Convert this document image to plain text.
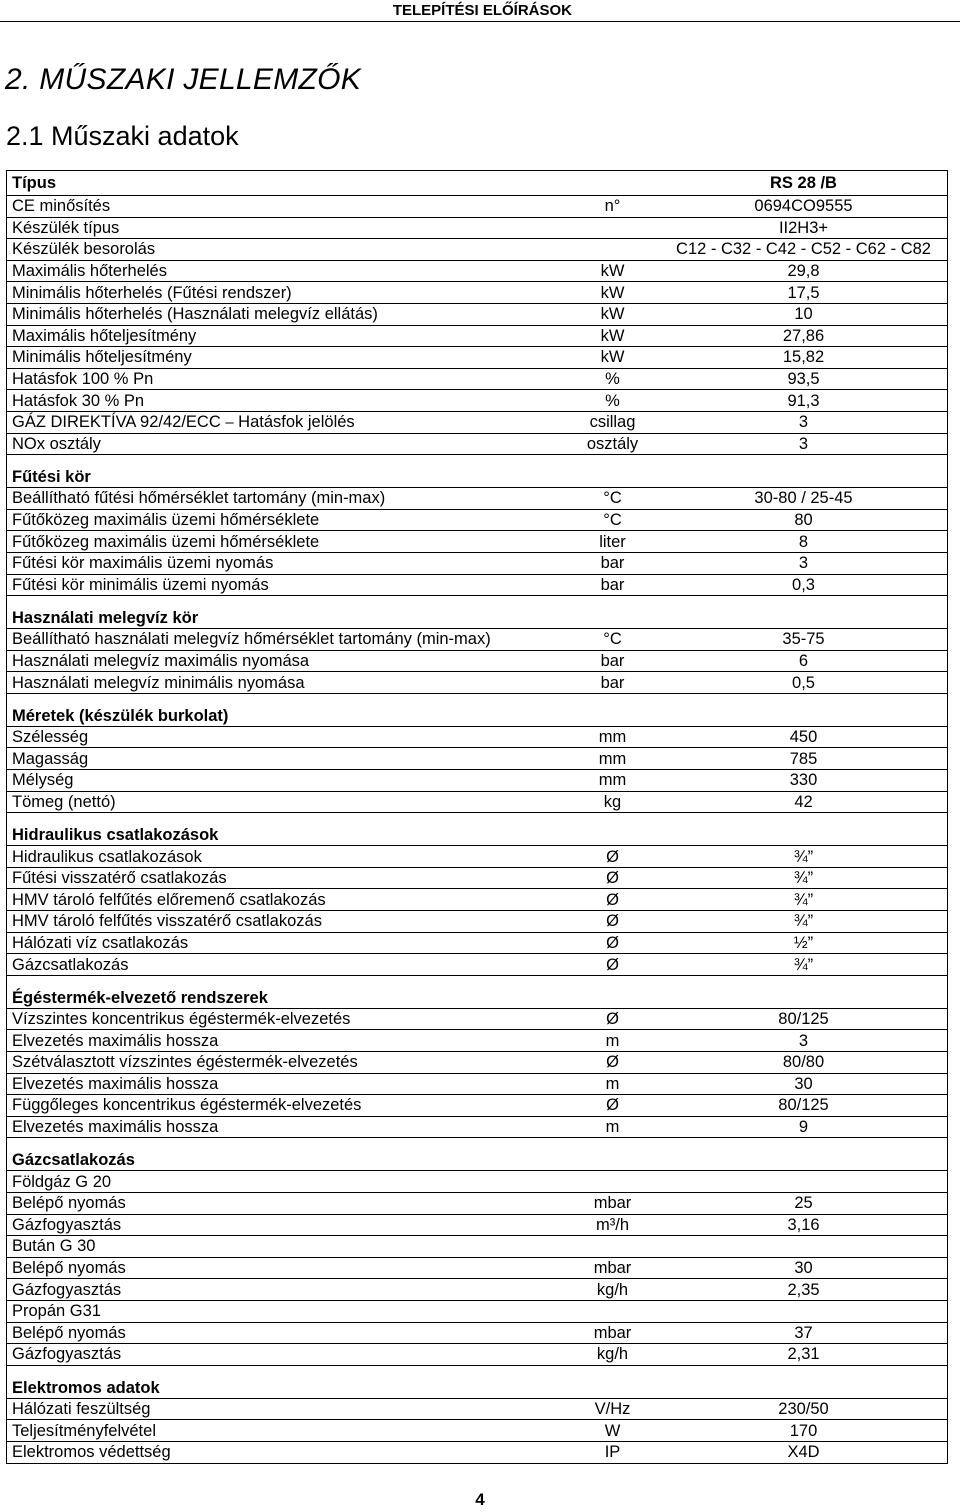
TELEPÍTÉSI ELŐÍRÁSOK
2. MŰSZAKI JELLEMZŐK
2.1 Műszaki adatok
Típus		RS 28 /B
CE minősítés	n°	0694CO9555
Készülék típus		II2H3+
Készülék besorolás		C12 - C32 - C42 - C52 - C62 - C82
Maximális hőterhelés	kW	29,8
Minimális hőterhelés (Fűtési rendszer)	kW	17,5
Minimális hőterhelés (Használati melegvíz ellátás)	kW	10
Maximális hőteljesítmény	kW	27,86
Minimális hőteljesítmény	kW	15,82
Hatásfok 100 % Pn	%	93,5
Hatásfok 30 % Pn	%	91,3
GÁZ DIREKTÍVA 92/42/ECC ⎯ Hatásfok jelölés	csillag	3
NOx osztály	osztály	3
Fűtési kör		
Beállítható fűtési hőmérséklet tartomány (min-max)	°C	30-80 / 25-45
Fűtőközeg maximális üzemi hőmérséklete	°C	80
Fűtőközeg maximális üzemi hőmérséklete	liter	8
Fűtési kör maximális üzemi nyomás	bar	3
Fűtési kör minimális üzemi nyomás	bar	0,3
Használati melegvíz kör		
Beállítható használati melegvíz hőmérséklet tartomány (min-max)	°C	35-75
Használati melegvíz maximális nyomása	bar	6
Használati melegvíz minimális nyomása	bar	0,5
Méretek (készülék burkolat)		
Szélesség	mm	450
Magasság	mm	785
Mélység	mm	330
Tömeg (nettó)	kg	42
Hidraulikus csatlakozások		
Hidraulikus csatlakozások	Ø	¾”
Fűtési visszatérő csatlakozás	Ø	¾”
HMV tároló felfűtés előremenő csatlakozás	Ø	¾”
HMV tároló felfűtés visszatérő csatlakozás	Ø	¾”
Hálózati víz csatlakozás	Ø	½”
Gázcsatlakozás	Ø	¾”
Égéstermék-elvezető rendszerek		
Vízszintes koncentrikus égéstermék-elvezetés	Ø	80/125
Elvezetés maximális hossza	m	3
Szétválasztott vízszintes égéstermék-elvezetés	Ø	80/80
Elvezetés maximális hossza	m	30
Függőleges koncentrikus égéstermék-elvezetés	Ø	80/125
Elvezetés maximális hossza	m	9
Gázcsatlakozás		
Földgáz G 20		
Belépő nyomás	mbar	25
Gázfogyasztás	m³/h	3,16
Bután G 30		
Belépő nyomás	mbar	30
Gázfogyasztás	kg/h	2,35
Propán G31		
Belépő nyomás	mbar	37
Gázfogyasztás	kg/h	2,31
Elektromos adatok		
Hálózati feszültség	V/Hz	230/50
Teljesítményfelvétel	W	170
Elektromos védettség	IP	X4D
4
